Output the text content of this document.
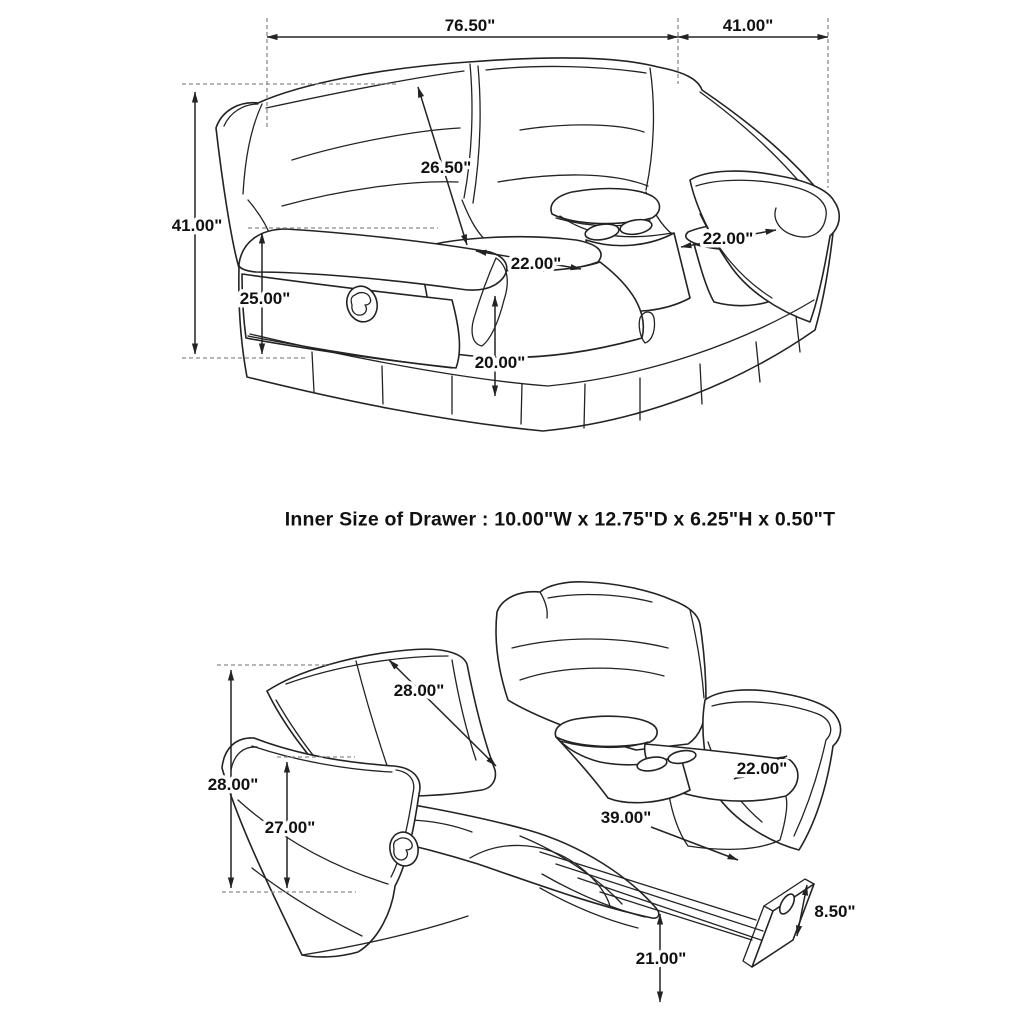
76.50"	41.00"
41.00"
25.00"
26.50"
22.00"
22.00"
20.00"
28.00"
27.00"
28.00"
22.00"
39.00"
8.50"
21.00"
Inner Size of Drawer : 10.00"W x 12.75"D x 6.25"H x 0.50"T
